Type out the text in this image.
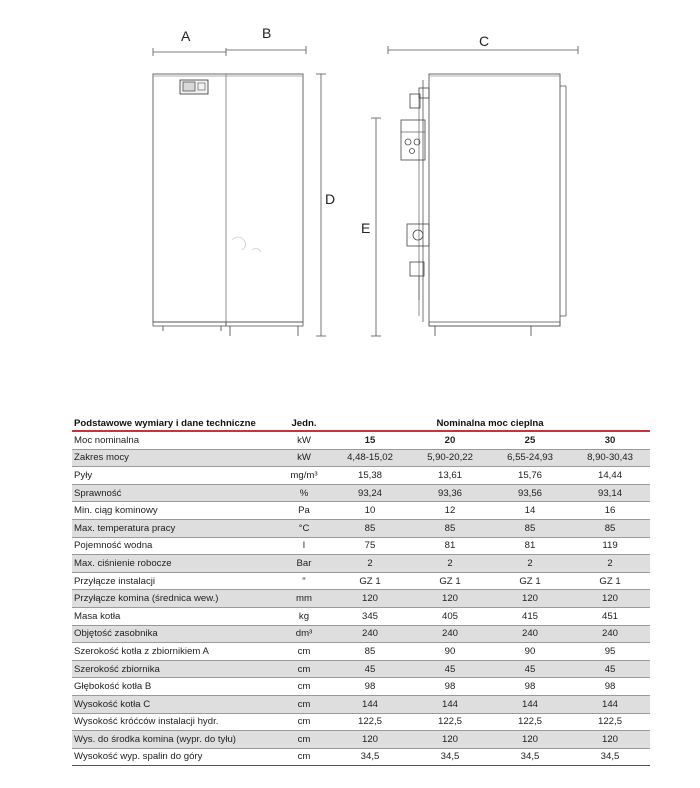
A	B	C
D
E
Podstawowe wymiary i dane techniczne	Jedn.	Nominalna moc cieplna			
Moc nominalna	kW	15	20	25	30
Zakres mocy	kW	4,48-15,02	5,90-20,22	6,55-24,93	8,90-30,43
Pyły	mg/m³	15,38	13,61	15,76	14,44
Sprawność	%	93,24	93,36	93,56	93,14
Min. ciąg kominowy	Pa	10	12	14	16
Max. temperatura pracy	°C	85	85	85	85
Pojemność wodna	l	75	81	81	119
Max. ciśnienie robocze	Bar	2	2	2	2
Przyłącze instalacji	"	GZ 1	GZ 1	GZ 1	GZ 1
Przyłącze komina (średnica wew.)	mm	120	120	120	120
Masa kotła	kg	345	405	415	451
Objętość zasobnika	dm³	240	240	240	240
Szerokość kotła z zbiornikiem A	cm	85	90	90	95
Szerokość zbiornika	cm	45	45	45	45
Głębokość kotła B	cm	98	98	98	98
Wysokość kotła C	cm	144	144	144	144
Wysokość króćców instalacji hydr.	cm	122,5	122,5	122,5	122,5
Wys. do środka komina (wypr. do tyłu)	cm	120	120	120	120
Wysokość wyp. spalin do góry	cm	34,5	34,5	34,5	34,5
